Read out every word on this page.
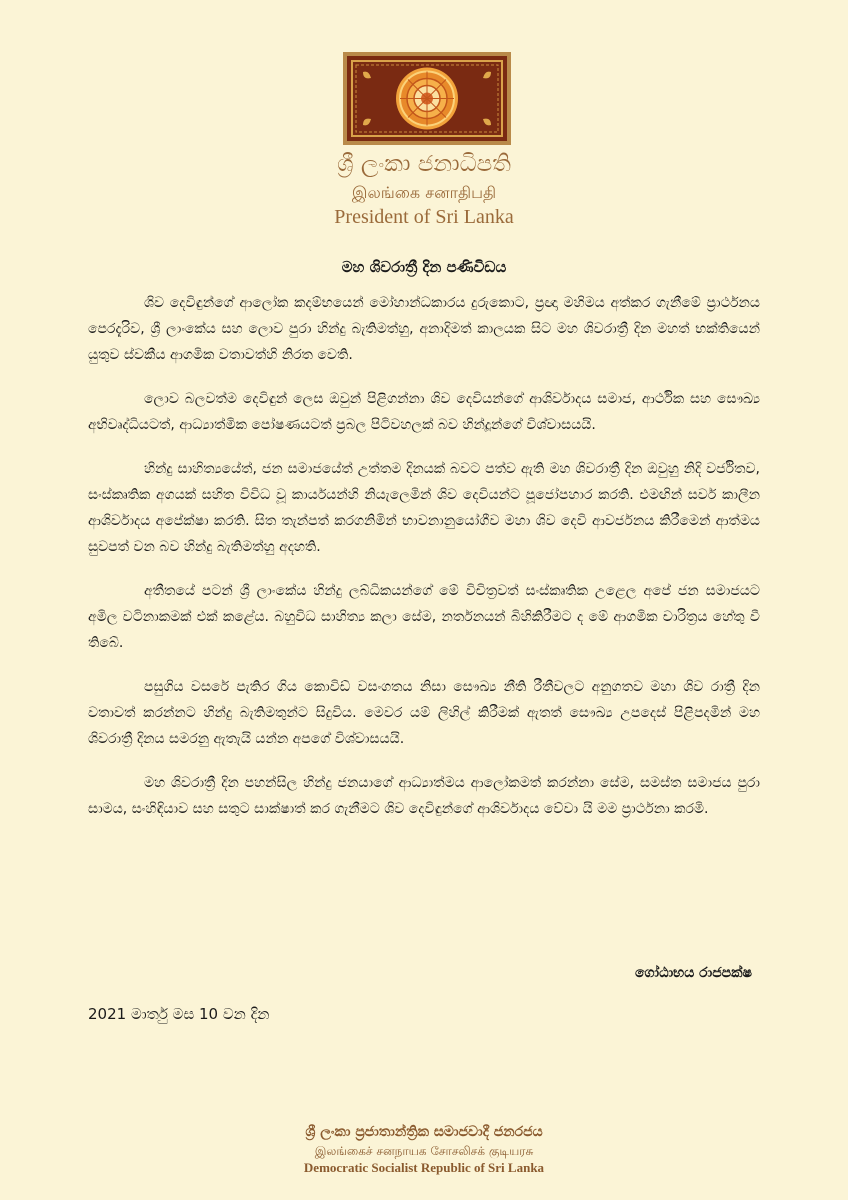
ශ්‍රී ලංකා ජනාධිපති
இலங்கை சனாதிபதி
President of Sri Lanka
මහ ශිවරාත්‍රී දින පණිවිඩය

ශිව දෙවිඳුන්ගේ ආලෝක කදම්භයෙන් මෝහාන්ධකාරය දුරුකොට, ප්‍රඥා මහිමය අත්කර ගැනීමේ ප්‍රාර්ථනය පෙරදැරිව, ශ්‍රී ලාංකේය සහ ලොව පුරා හින්දු බැතිමත්හු, අනාදිමත් කාලයක සිට මහ ශිවරාත්‍රී දින මහත් භක්තියෙන් යුතුව ස්වකීය ආගමික වතාවත්හි නිරත වෙති.

ලොව බලවත්ම දෙවිඳුන් ලෙස ඔවුන් පිළිගන්නා ශිව දෙවියන්ගේ ආශිර්වාදය සමාජ, ආර්ථික සහ සෞඛ්‍ය අභිවෘද්ධියටත්, ආධ්‍යාත්මික පෝෂණයටත් ප්‍රබල පිටිවහලක් බව හින්දූන්ගේ විශ්වාසයයි.

හින්දු සාහිත්‍යයේත්, ජන සමාජයේත් උත්තම දිනයක් බවට පත්ව ඇති මහ ශිවරාත්‍රී දින ඔවුහු නිදි වර්ජිතව, සංස්කෘතික අගයක් සහිත විවිධ වූ කාර්යයන්හි නියැලෙමින් ශිව දෙවියන්ට පූජෝපහාර කරති. එමඟින් සර්ව කාලීන ආශිර්වාදය අපේක්ෂා කරති. සිත තැන්පත් කරගනිමින් භාවනානුයෝගීව මහා ශිව දෙවි ආවර්ජනය කිරීමෙන් ආත්මය සුවපත් වන බව හින්දු බැතිමත්හු අදහති.

අතීතයේ පටන් ශ්‍රී ලාංකේය හින්දු ලබ්ධිකයන්ගේ මේ විචිත්‍රවත් සංස්කෘතික උළෙල අපේ ජන සමාජයට අමිල වටිනාකමක් එක් කළේය. බහුවිධ සාහිත්‍ය කලා සේම, නර්තනයන් බිහිකිරීමට ද මේ ආගමික චාරිත්‍රය හේතු වී තිබේ.

පසුගිය වසරේ පැතිර ගිය කොවිඩ් වසංගතය නිසා සෞඛ්‍ය නීති රීතීවලට අනුගතව මහා ශිව රාත්‍රී දින වතාවත් කරන්නට හින්දු බැතිමතුන්ට සිදුවිය. මෙවර යම් ලිහිල් කිරීමක් ඇතත් සෞඛ්‍ය උපදෙස් පිළිපදමින් මහ ශිවරාත්‍රී දිනය සමරනු ඇතැයි යන්න අපගේ විශ්වාසයයි.

මහ ශිවරාත්‍රී දින පහන්සිල හින්දු ජනයාගේ ආධ්‍යාත්මය ආලෝකමත් කරන්නා සේම, සමස්ත සමාජය පුරා සාමය, සංහිඳියාව සහ සතුට සාක්ෂාත් කර ගැනීමට ශිව දෙවිඳුන්ගේ ආශිර්වාදය වේවා යි මම ප්‍රාර්ථනා කරමි.

ගෝඨාභය රාජපක්ෂ
2021 මාර්තු මස 10 වන දින
ශ්‍රී ලංකා ප්‍රජාතාන්ත්‍රික සමාජවාදී ජනරජය
இலங்கைச் சனநாயக சோசலிசக் குடியரசு
Democratic Socialist Republic of Sri Lanka
